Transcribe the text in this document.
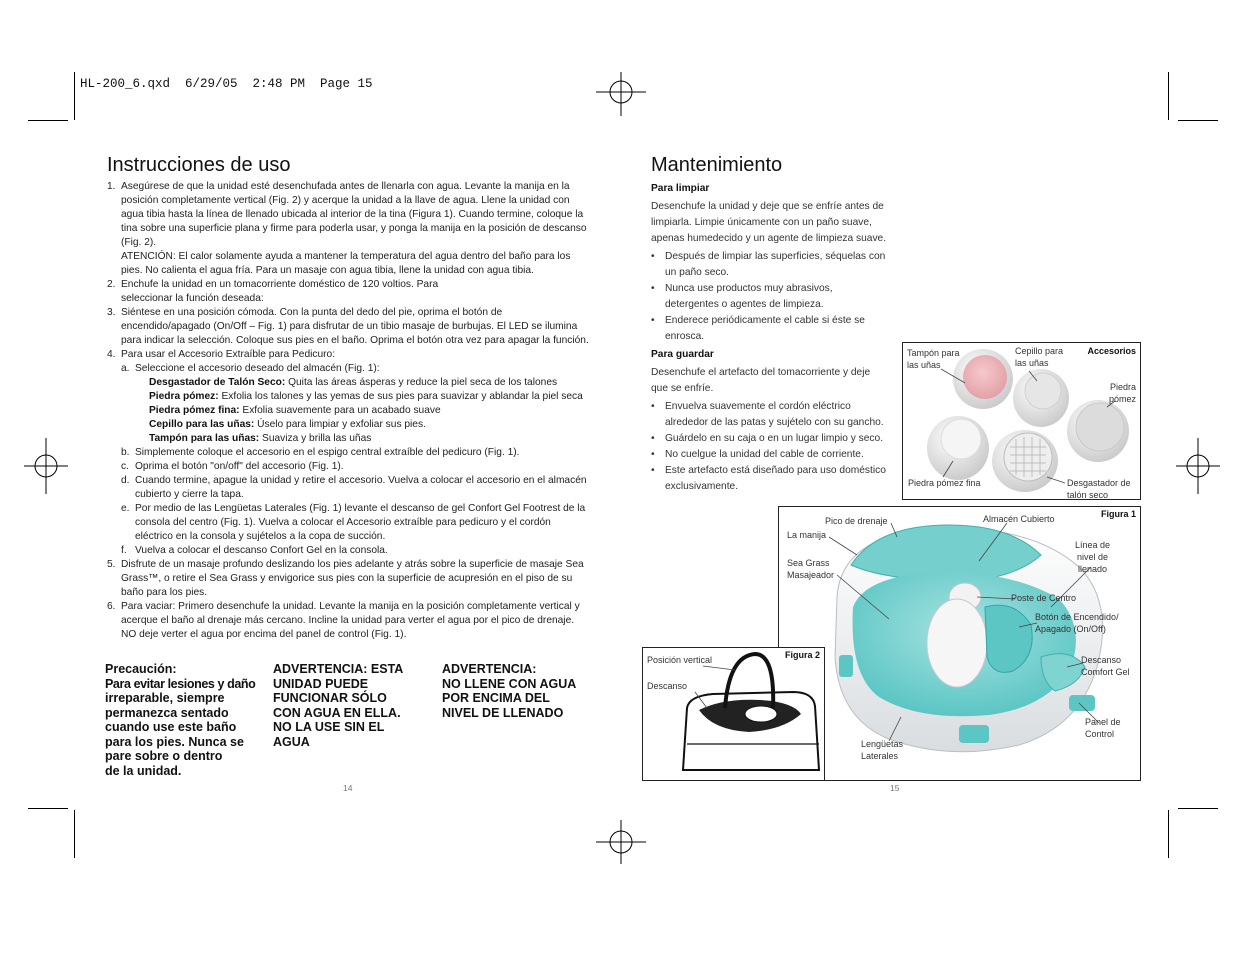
HL-200_6.qxd  6/29/05  2:48 PM  Page 15
Instrucciones de uso
1. Asegúrese de que la unidad esté desenchufada antes de llenarla con agua. Levante la manija en la posición completamente vertical (Fig. 2) y acerque la unidad a la llave de agua. Llene la unidad con agua tibia hasta la línea de llenado ubicada al interior de la tina (Figura 1). Cuando termine, coloque la tina sobre una superficie plana y firme para poderla usar, y ponga la manija en la posición de descanso (Fig. 2).
ATENCIÓN: El calor solamente ayuda a mantener la temperatura del agua dentro del baño para los pies. No calienta el agua fría. Para un masaje con agua tibia, llene la unidad con agua tibia.
2. Enchufe la unidad en un tomacorriente doméstico de 120 voltios. Para
seleccionar la función deseada:
3. Siéntese en una posición cómoda. Con la punta del dedo del pie, oprima el botón de encendido/apagado (On/Off – Fig. 1) para disfrutar de un tibio masaje de burbujas. El LED se ilumina para indicar la selección. Coloque sus pies en el baño. Oprima el botón otra vez para apagar la función.
4. Para usar el Accesorio Extraíble para Pedicuro:
a. Seleccione el accesorio deseado del almacén (Fig. 1):
Desgastador de Talón Seco: Quita las áreas ásperas y reduce la piel seca de los talones
Piedra pómez: Exfolia los talones y las yemas de sus pies para suavizar y ablandar la piel seca
Piedra pómez fina: Exfolia suavemente para un acabado suave
Cepillo para las uñas: Úselo para limpiar y exfoliar sus pies.
Tampón para las uñas: Suaviza y brilla las uñas
b. Simplemente coloque el accesorio en el espigo central extraíble del pedicuro (Fig. 1).
c. Oprima el botón "on/off" del accesorio (Fig. 1).
d. Cuando termine, apague la unidad y retire el accesorio. Vuelva a colocar el accesorio en el almacén cubierto y cierre la tapa.
e. Por medio de las Lengüetas Laterales (Fig. 1) levante el descanso de gel Confort Gel Footrest de la consola del centro (Fig. 1). Vuelva a colocar el Accesorio extraíble para pedicuro y el cordón eléctrico en la consola y sujételos a la copa de succión.
f. Vuelva a colocar el descanso Confort Gel en la consola.
5. Disfrute de un masaje profundo deslizando los pies adelante y atrás sobre la superficie de masaje Sea Grass™, o retire el Sea Grass y envigorice sus pies con la superficie de acupresión en el piso de su baño para los pies.
6. Para vaciar: Primero desenchufe la unidad. Levante la manija en la posición completamente vertical y acerque el baño al drenaje más cercano. Incline la unidad para verter el agua por el pico de drenaje. NO deje verter el agua por encima del panel de control (Fig. 1).
Precaución:
Para evitar lesiones y daño
irreparable, siempre
permanezca sentado
cuando use este baño
para los pies. Nunca se
pare sobre o dentro
de la unidad.
ADVERTENCIA: ESTA
UNIDAD PUEDE
FUNCIONAR SÓLO
CON AGUA EN ELLA.
NO LA USE SIN EL
AGUA
ADVERTENCIA:
NO LLENE CON AGUA
POR ENCIMA DEL
NIVEL DE LLENADO
14
Mantenimiento
Para limpiar
Desenchufe la unidad y deje que se enfríe antes de
limpiarla. Limpie únicamente con un paño suave,
apenas humedecido y un agente de limpieza suave.
• Después de limpiar las superficies, séquelas con
un paño seco.
• Nunca use productos muy abrasivos,
detergentes o agentes de limpieza.
• Enderece periódicamente el cable si éste se
enrosca.
Para guardar
Desenchufe el artefacto del tomacorriente y deje
que se enfríe.
• Envuelva suavemente el cordón eléctrico
alrededor de las patas y sujételo con su gancho.
• Guárdelo en su caja o en un lugar limpio y seco.
• No cuelgue la unidad del cable de corriente.
• Este artefacto está diseñado para uso doméstico
exclusivamente.
15
Accesorios
Tampón para
las uñas
Cepillo para
las uñas
Piedra
pómez
Piedra pómez fina	Desgastador de
talón seco
Figura 1
Pico de drenaje
La manija
Sea Grass
Masajeador
Almacén Cubierto
Línea de
nivel de
llenado
Poste de Centro
Botón de Encendido/
Apagado (On/Off)
Descanso
Comfort Gel
Panel de
Control
Lengüetas
Laterales
Figura 2
Posición vertical
Descanso
